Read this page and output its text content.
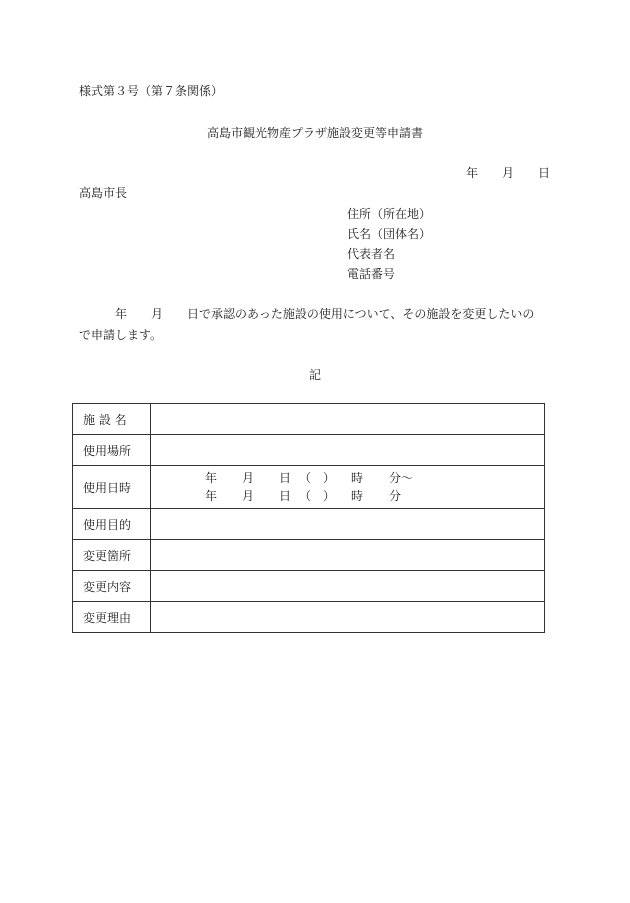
様式第３号（第７条関係）
高島市観光物産プラザ施設変更等申請書
年 月 日
高島市長
住所（所在地）
氏名（団体名）
代表者名
電話番号
年 月 日で承認のあった施設の使用について、その施設を変更したいの
で申請します。
記
施 設 名	
使用場所	
使用日時	年 月 日 （　） 時 分～
年 月 日 （　） 時 分

使用目的	
変更箇所	
変更内容	
変更理由	
